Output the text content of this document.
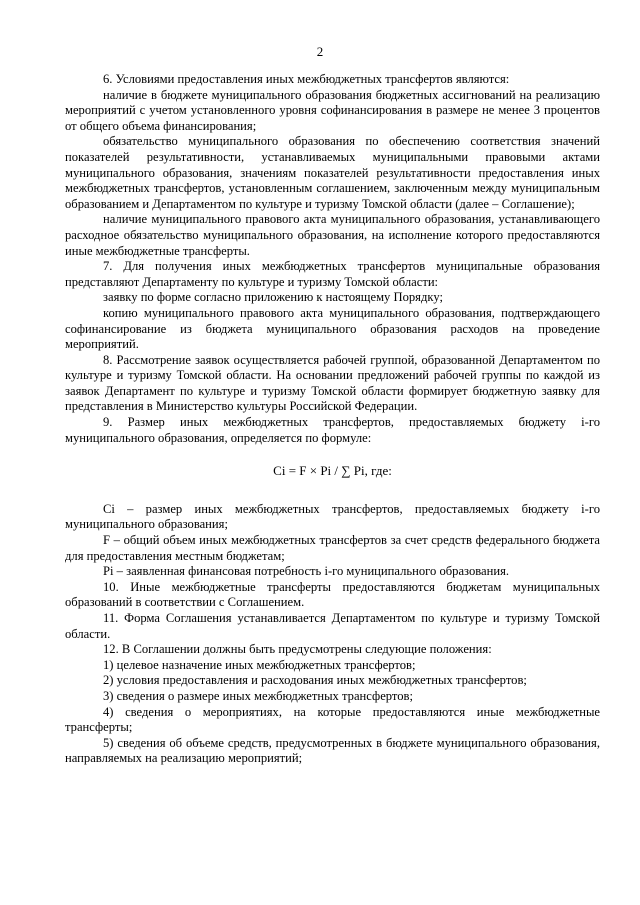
2

6. Условиями предоставления иных межбюджетных трансфертов являются:

наличие в бюджете муниципального образования бюджетных ассигнований на реализацию мероприятий с учетом установленного уровня софинансирования в размере не менее 3 процентов от общего объема финансирования;

обязательство муниципального образования по обеспечению соответствия значений показателей результативности, устанавливаемых муниципальными правовыми актами муниципального образования, значениям показателей результативности предоставления иных межбюджетных трансфертов, установленным соглашением, заключенным между муниципальным образованием и Департаментом по культуре и туризму Томской области (далее – Соглашение);

наличие муниципального правового акта муниципального образования, устанавливающего расходное обязательство муниципального образования, на исполнение которого предоставляются иные межбюджетные трансферты.

7. Для получения иных межбюджетных трансфертов муниципальные образования представляют Департаменту по культуре и туризму Томской области:

заявку по форме согласно приложению к настоящему Порядку;

копию муниципального правового акта муниципального образования, подтверждающего софинансирование из бюджета муниципального образования расходов на проведение мероприятий.

8. Рассмотрение заявок осуществляется рабочей группой, образованной Департаментом по культуре и туризму Томской области. На основании предложений рабочей группы по каждой из заявок Департамент по культуре и туризму Томской области формирует бюджетную заявку для представления в Министерство культуры Российской Федерации.

9. Размер иных межбюджетных трансфертов, предоставляемых бюджету i-го муниципального образования, определяется по формуле:

Ci = F × Pi / ∑ Pi, где:

Ci – размер иных межбюджетных трансфертов, предоставляемых бюджету i-го муниципального образования;

F – общий объем иных межбюджетных трансфертов за счет средств федерального бюджета для предоставления местным бюджетам;

Pi – заявленная финансовая потребность i-го муниципального образования.

10. Иные межбюджетные трансферты предоставляются бюджетам муниципальных образований в соответствии с Соглашением.

11. Форма Соглашения устанавливается Департаментом по культуре и туризму Томской области.

12. В Соглашении должны быть предусмотрены следующие положения:

1) целевое назначение иных межбюджетных трансфертов;

2) условия предоставления и расходования иных межбюджетных трансфертов;

3) сведения о размере иных межбюджетных трансфертов;

4) сведения о мероприятиях, на которые предоставляются иные межбюджетные трансферты;

5) сведения об объеме средств, предусмотренных в бюджете муниципального образования, направляемых на реализацию мероприятий;
